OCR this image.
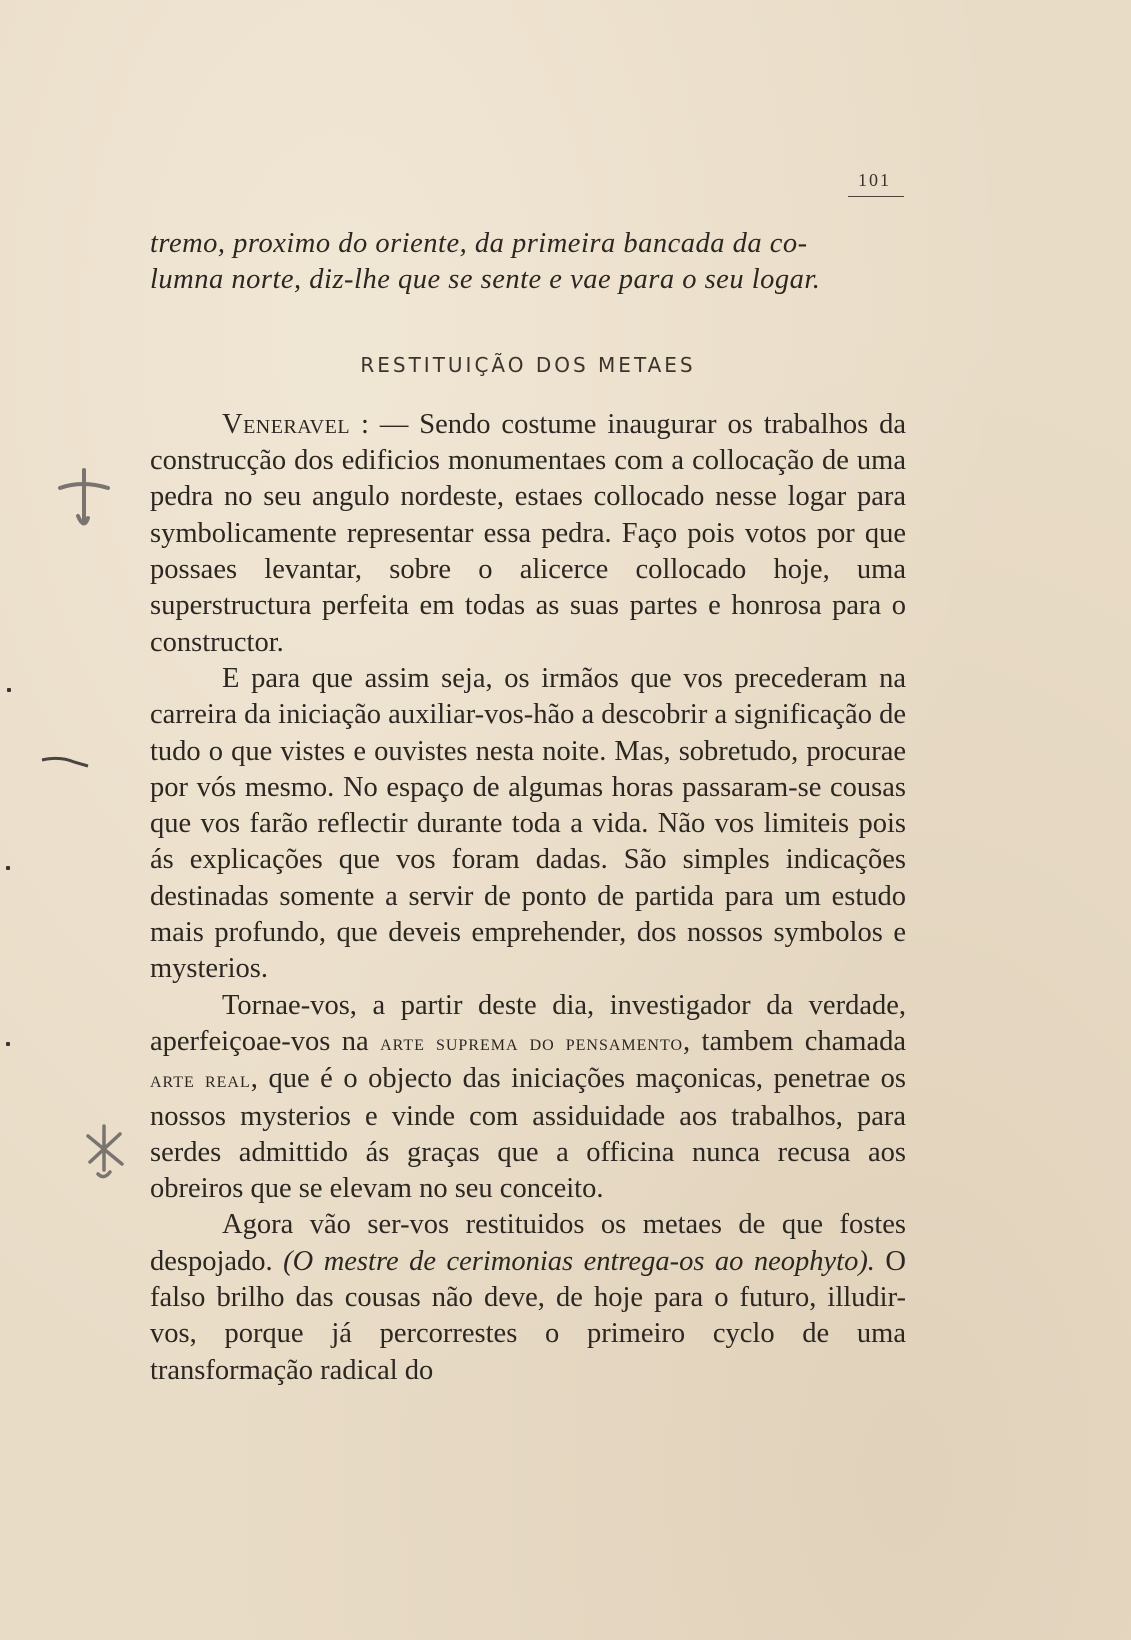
101

tremo, proximo do oriente, da primeira bancada da co-

lumna norte, diz-lhe que se sente e vae para o seu logar.

RESTITUIÇÃO DOS METAES

Veneravel : — Sendo costume inaugurar os trabalhos da construcção dos edificios monumentaes com a collocação de uma pedra no seu angulo nordeste, estaes collocado nesse logar para symbolicamente representar essa pedra. Faço pois votos por que possaes levantar, sobre o alicerce collocado hoje, uma superstructura perfeita em todas as suas partes e honrosa para o constructor.

E para que assim seja, os irmãos que vos precederam na carreira da iniciação auxiliar-vos-hão a descobrir a significação de tudo o que vistes e ouvistes nesta noite. Mas, sobretudo, procurae por vós mesmo. No espaço de algumas horas passaram-se cousas que vos farão reflectir durante toda a vida. Não vos limiteis pois ás explicações que vos foram dadas. São simples indicações destinadas somente a servir de ponto de partida para um estudo mais profundo, que deveis emprehender, dos nossos symbolos e mysterios.

Tornae-vos, a partir deste dia, investigador da verdade, aperfeiçoae-vos na arte suprema do pensamento, tambem chamada arte real, que é o objecto das iniciações maçonicas, penetrae os nossos mysterios e vinde com assiduidade aos trabalhos, para serdes admittido ás graças que a officina nunca recusa aos obreiros que se elevam no seu conceito.

Agora vão ser-vos restituidos os metaes de que fostes despojado. (O mestre de cerimonias entrega-os ao neophyto). O falso brilho das cousas não deve, de hoje para o futuro, illudir-vos, porque já percorrestes o primeiro cyclo de uma transformação radical do
